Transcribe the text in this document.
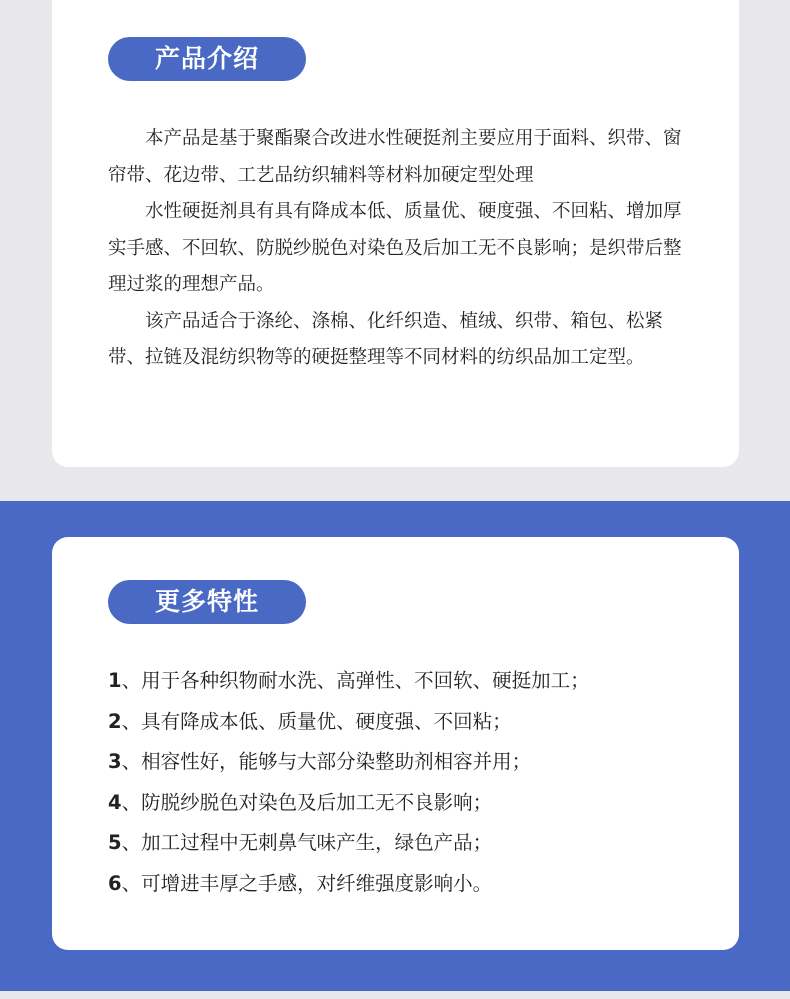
产品介绍

本产品是基于聚酯聚合改进水性硬挺剂主要应用于面料、织带、窗帘带、花边带、工艺品纺织辅料等材料加硬定型处理

水性硬挺剂具有具有降成本低、质量优、硬度强、不回粘、增加厚实手感、不回软、防脱纱脱色对染色及后加工无不良影响；是织带后整理过浆的理想产品。

该产品适合于涤纶、涤棉、化纤织造、植绒、织带、箱包、松紧带、拉链及混纺织物等的硬挺整理等不同材料的纺织品加工定型。

更多特性
1、用于各种织物耐水洗、高弹性、不回软、硬挺加工；
2、具有降成本低、质量优、硬度强、不回粘；
3、相容性好，能够与大部分染整助剂相容并用；
4、防脱纱脱色对染色及后加工无不良影响；
5、加工过程中无刺鼻气味产生，绿色产品；
6、可增进丰厚之手感，对纤维强度影响小。
